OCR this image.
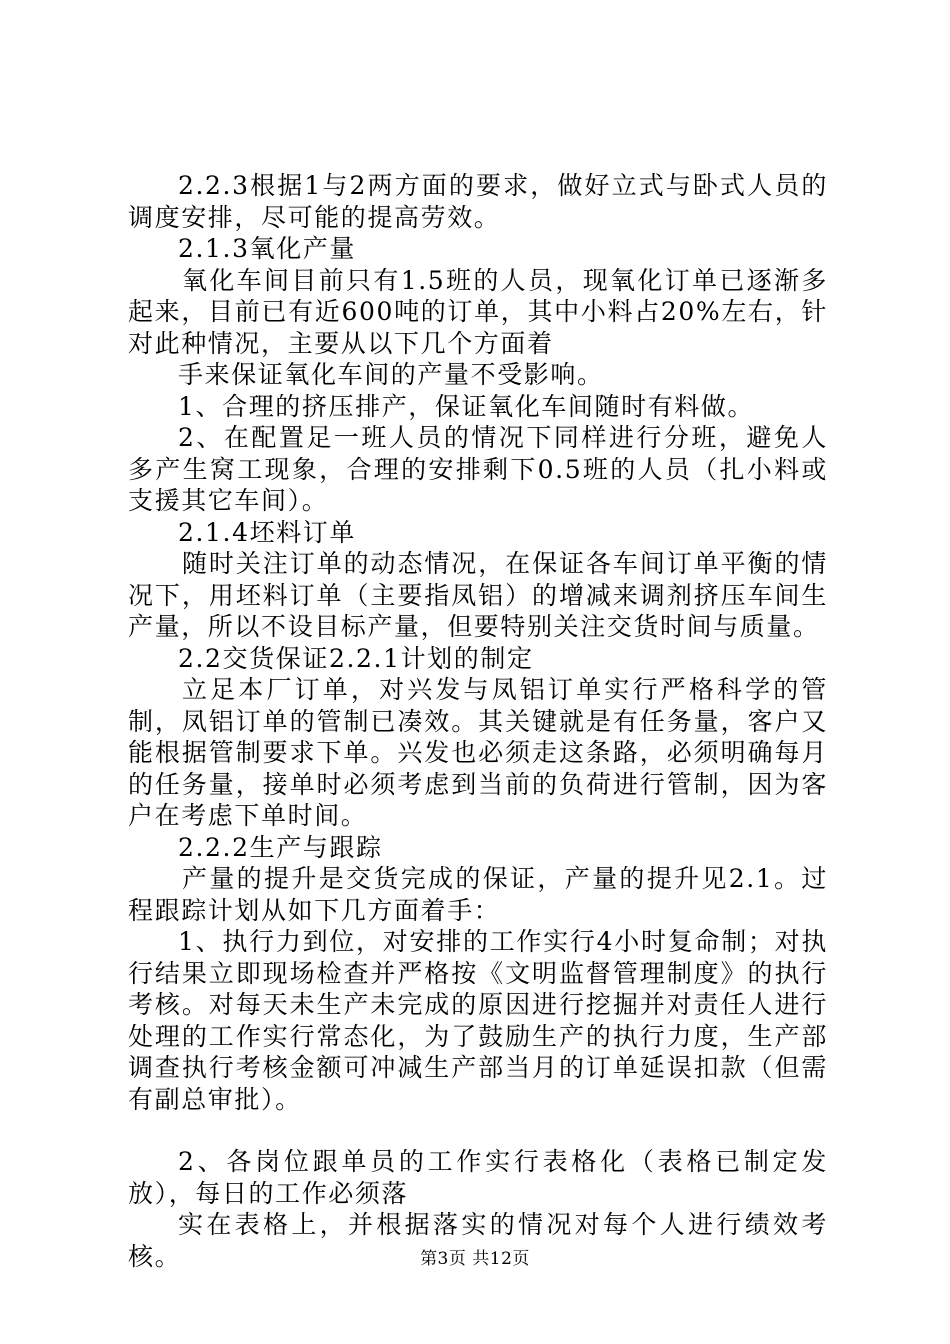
2.2.3根据1与2两方面的要求，做好立式与卧式人员的调度安排，尽可能的提高劳效。

2.1.3氧化产量

氧化车间目前只有1.5班的人员，现氧化订单已逐渐多起来，目前已有近600吨的订单，其中小料占20%左右，针对此种情况，主要从以下几个方面着

手来保证氧化车间的产量不受影响。

1、合理的挤压排产，保证氧化车间随时有料做。

2、在配置足一班人员的情况下同样进行分班，避免人多产生窝工现象，合理的安排剩下0.5班的人员（扎小料或支援其它车间）。

2.1.4坯料订单

随时关注订单的动态情况，在保证各车间订单平衡的情况下，用坯料订单（主要指凤铝）的增减来调剂挤压车间生产量，所以不设目标产量，但要特别关注交货时间与质量。

2.2交货保证2.2.1计划的制定

立足本厂订单，对兴发与凤铝订单实行严格科学的管制，凤铝订单的管制已凑效。其关键就是有任务量，客户又能根据管制要求下单。兴发也必须走这条路，必须明确每月的任务量，接单时必须考虑到当前的负荷进行管制，因为客户在考虑下单时间。

2.2.2生产与跟踪

产量的提升是交货完成的保证，产量的提升见2.1。过程跟踪计划从如下几方面着手：

1、执行力到位，对安排的工作实行4小时复命制；对执行结果立即现场检查并严格按《文明监督管理制度》的执行考核。对每天未生产未完成的原因进行挖掘并对责任人进行处理的工作实行常态化，为了鼓励生产的执行力度，生产部调查执行考核金额可冲减生产部当月的订单延误扣款（但需有副总审批）。

2、各岗位跟单员的工作实行表格化（表格已制定发放），每日的工作必须落

实在表格上，并根据落实的情况对每个人进行绩效考核。	第3页 共12页
